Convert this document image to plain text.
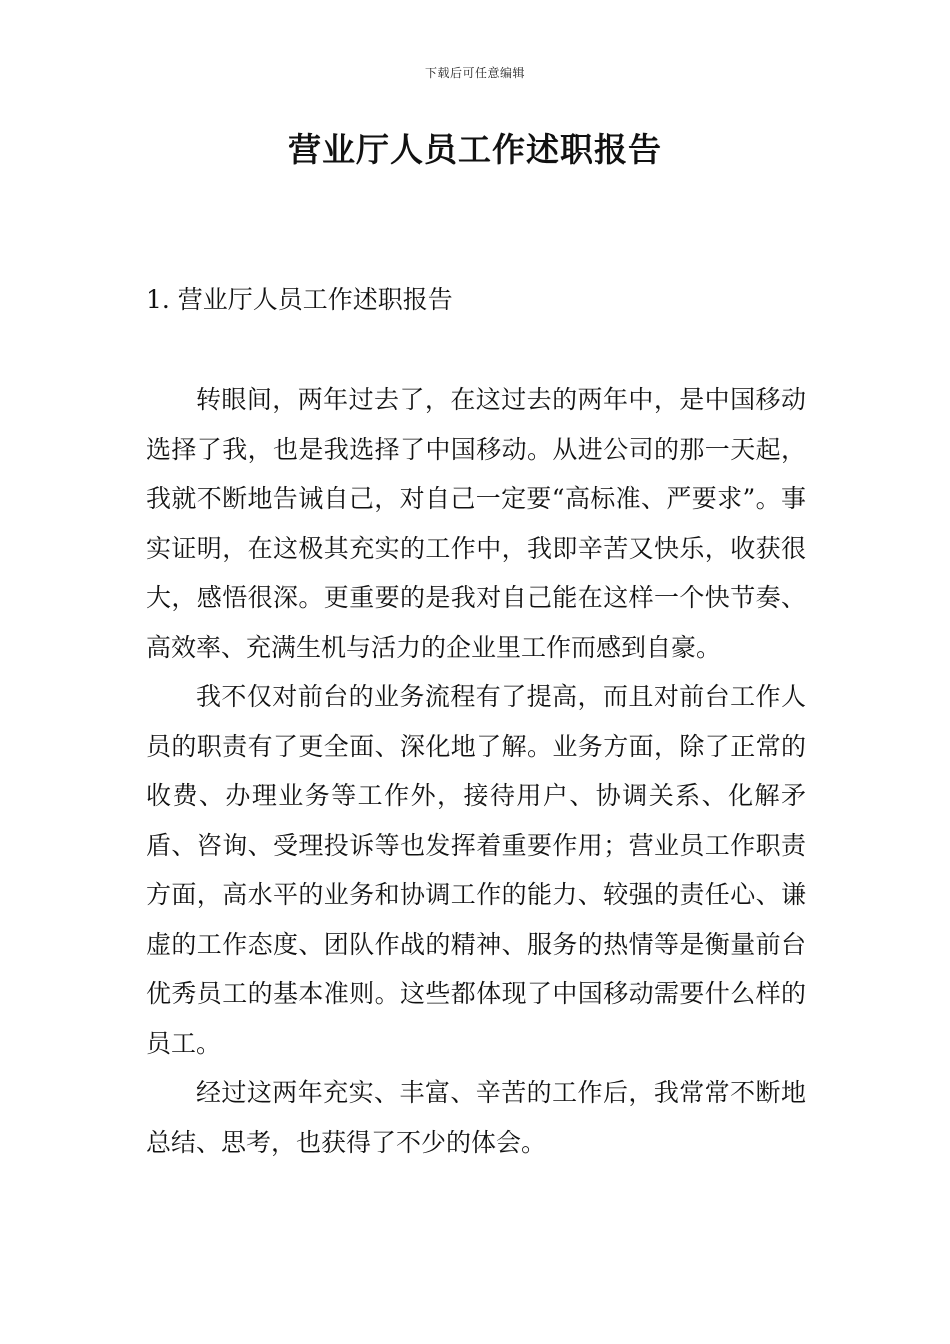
下载后可任意编辑
营业厅人员工作述职报告
1. 营业厅人员工作述职报告

转眼间，两年过去了，在这过去的两年中，是中国移动选择了我，也是我选择了中国移动。从进公司的那一天起，我就不断地告诫自己，对自己一定要“高标准、严要求”。事实证明，在这极其充实的工作中，我即辛苦又快乐，收获很大，感悟很深。更重要的是我对自己能在这样一个快节奏、高效率、充满生机与活力的企业里工作而感到自豪。

我不仅对前台的业务流程有了提高，而且对前台工作人员的职责有了更全面、深化地了解。业务方面，除了正常的收费、办理业务等工作外，接待用户、协调关系、化解矛盾、咨询、受理投诉等也发挥着重要作用；营业员工作职责方面，高水平的业务和协调工作的能力、较强的责任心、谦虚的工作态度、团队作战的精神、服务的热情等是衡量前台优秀员工的基本准则。这些都体现了中国移动需要什么样的员工。

经过这两年充实、丰富、辛苦的工作后，我常常不断地总结、思考，也获得了不少的体会。
